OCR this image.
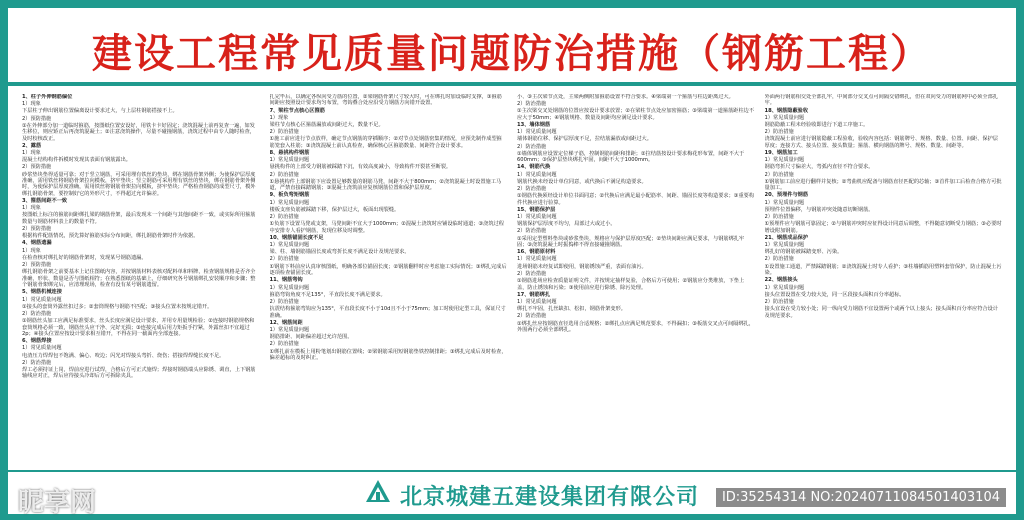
建设工程常见质量问题防治措施（钢筋工程）

1、柱子外伸钢筋偏位

1）现象

下层柱子伸出钢筋位置偏离设计要求过大，与上层柱钢筋搭接不上。

2）预防措施

①在外伸部分加一道临时箍筋，按图纸位置安设好，用铁卡卡好固定；浇筑混凝土前再复查一遍，如发生移位，则应矫正后再浇筑混凝土；②注意浇筑操作，尽量不碰撞钢筋，浇筑过程中由专人随时检查，及时校核改正。

2、露筋

1）现象

混凝土结构构件拆模时发现其表面有钢筋露出。

2）预防措施

砂浆垫块垫得适量可靠；对于竖立钢筋，可采用埋有铁丝的垫块，绑在钢筋骨架外侧；为使保护层厚度准确，需用铁丝将钢筋骨架拉向模板，挤牢垫块；竖立钢筋可采用埋有铁丝的垫块，绑在钢筋骨架外侧时，为使保护层厚度准确，需用铁丝将钢筋骨架拉向模板，挤牢垫块；严格检查钢筋的成型尺寸，模外绑扎钢筋骨架，要控制好它的外形尺寸，不得超过允许偏差。

3、箍筋间距不一致

1）现象

按图纸上标注的箍筋间距绑扎梁的钢筋骨架，最后发现末一个间距与其他间距不一致，或实际所用箍筋数量与钢筋材料表上的数量不符。

2）预防措施

根据构件配筋情况，预先算好箍筋实际分布间距，绑扎钢筋骨架时作为依据。

4、钢筋遗漏

1）现象

在检查核对绑扎好的钢筋骨架时，发现某号钢筋遗漏。

2）预防措施

绑扎钢筋骨架之前要基本上记住图纸内容，并按钢筋材料表核对配料单和料牌，检查钢筋规格是否齐全准确，形状、数量是否与图纸相符；在熟悉图纸的基础上，仔细研究各号钢筋绑扎安装顺序和步骤；整个钢筋骨架绑完后，应清理现场，检查有没有某号钢筋遗留。

5、钢筋机械连接

1）常见质量问题

①接头的套筒外露丝扣过多；②套筒规格与钢筋不匹配；③接头位置未按规定错开。

2）防治措施

①钢筋丝头加工应满足标准要求，丝头长度应满足设计要求，并用专用量规检验；②连接时钢筋规格和套筒规格必须一致，钢筋丝头应干净、完好无损；③连接完成后用力矩扳手拧紧，外露丝扣不宜超过2p；④接头位置应按设计要求相互错开，不得在同一截面内全部连接。

6、钢筋焊接

1）常见质量问题

电渣压力焊焊包不饱满、偏心、咬边；闪光对焊接头弯折、烧伤；搭接焊焊缝长度不足。

2）防治措施

焊工必须持证上岗，焊前应进行试焊，合格后方可正式施焊；焊接时钢筋端头应除锈、调直，上下钢筋轴线应对正，焊后应待接头冷却后方可拆除夹具。

扎完毕后，以确定各纵向受力筋的位置，②梁钢筋骨架尺寸较大时，可在绑扎时加设临时支撑，③箍筋间距应按照设计要求均匀布置，弯钩叠合处应沿受力钢筋方向错开设置。

7、梁柱节点核心区箍筋

1）现象

梁柱节点核心区箍筋漏放或间距过大，数量不足。

2）防治措施

①施工前应进行节点放样，确定节点钢筋的穿插顺序；②对节点处钢筋密集的情况，应预先制作成型箍筋笼套入柱筋；③浇筑混凝土前认真检查，确保核心区箍筋数量、间距符合设计要求。

8、悬挑构件钢筋

1）常见质量问题

悬挑构件的上部受力钢筋被踩踏下沉，有效高度减小，导致构件开裂甚至断裂。

2）防治措施

①悬挑构件上部钢筋下应设置足够数量的钢筋马凳，间距不大于800mm；②浇筑混凝土时设置施工马道，严禁直接踩踏钢筋；③混凝土浇筑前应复核钢筋位置和保护层厚度。

9、板负弯矩钢筋

1）常见质量问题

楼板支座负筋被踩踏下移，保护层过大，板面出现裂缝。

2）防治措施

①负筋下设置马凳或支架，马凳间距不宜大于1000mm；②混凝土浇筑时应铺设临时通道；③浇筑过程中安排专人看护钢筋，发现位移及时调整。

10、钢筋锚固长度不足

1）常见质量问题

梁、柱、墙钢筋锚固长度或弯折长度不满足设计及规范要求。

2）防治措施

①钢筋下料前应认真审核图纸，明确各部位锚固长度；②钢筋翻样时应考虑施工实际情况；③绑扎完成后逐项检查锚固长度。

11、钢筋弯钩

1）常见质量问题

箍筋弯钩角度不足135°，平直段长度不满足要求。

2）防治措施

抗震结构箍筋弯钩应为135°，平直段长度不小于10d且不小于75mm；加工时使用定型工具，保证尺寸准确。

12、钢筋间距

1）常见质量问题

钢筋排距、间距偏差超过允许范围。

2）防治措施

①绑扎前在模板上用粉笔划出钢筋位置线；②梁钢筋采用短钢筋垫铁控制排距；③绑扎完成后及时检查，偏差超标的及时纠正。

小、③主次梁节点处，主梁两侧附加箍筋设置不符合要求。④梁端第一个箍筋与柱边距离过大。

2）防治措施

①主次梁交叉处钢筋的位置应按设计要求放置；②在梁柱节点处应加密箍筋；③梁端第一道箍筋距柱边不应大于50mm；④钢筋规格、数量及间距均应满足设计要求。

13、墙体钢筋

1）常见质量问题

墙体钢筋位移、保护层厚度不足，拉结筋漏放或间距过大。

2）防治措施

①墙体钢筋应设置定位梯子筋，控制钢筋间距和排距；②拉结筋按设计要求梅花形布置，间距不大于600mm；③保护层垫块绑扎牢固，间距不大于1000mm。

14、钢筋代换

1）常见质量问题

钢筋代换未经设计单位同意，或代换后不满足构造要求。

2）防治措施

①钢筋代换须经设计单位书面同意；②代换后应满足最小配筋率、间距、锚固长度等构造要求；③重要构件代换应进行验算。

15、钢筋保护层

1）常见质量问题

钢筋保护层厚度不均匀，局部过大或过小。

2）防治措施

①采用定型塑料垫块或砂浆垫块，规格应与保护层厚度匹配；②垫块间距应满足要求，与钢筋绑扎牢固；③浇筑混凝土时振捣棒不得直接碰撞钢筋。

16、钢筋原材料

1）常见质量问题

进场钢筋未经复试即使用，钢筋锈蚀严重，表面有油污。

2）防治措施

①钢筋进场应检查质量证明文件，并按规定抽样复验，合格后方可使用；②钢筋应分类堆放，下垫上盖，防止锈蚀和污染；③使用前应进行除锈、除污处理。

17、钢筋绑扎

1）常见质量问题

绑扎不牢固，扎丝缺扣、松扣，钢筋骨架变形。

2）防治措施

①绑扎丝应按钢筋直径选用合适规格；②绑扎点应满足规范要求，不得漏扣；③板筋交叉点可间隔绑扎，外围两行必须全部绑扎。

外面两行钢筋相交处全部扎牢，中间部分交叉点可间隔交错绑扎，但在双向受力的钢筋网中必须全部扎牢。

18、钢筋隐蔽验收

1）常见质量问题

钢筋隐蔽工程未经验收即进行下道工序施工。

2）防治措施

浇筑混凝土前应进行钢筋隐蔽工程验收，验收内容包括：钢筋牌号、规格、数量、位置、间距、保护层厚度；连接方式、接头位置、接头数量；箍筋、横向钢筋的牌号、规格、数量、间距等。

19、钢筋加工

1）常见质量问题

钢筋弯折尺寸偏差大，弯弧内直径不符合要求。

2）防治措施

①钢筋加工前应进行翻样并复核；②弯曲机应配备与钢筋直径匹配的芯轴；③首件加工后检查合格方可批量加工。

20、预埋件与钢筋

1）常见质量问题

预埋件位置偏移，与钢筋冲突处随意切断钢筋。

2）防治措施

①预埋件应与钢筋可靠固定；②与钢筋冲突时应征得设计同意后调整，不得随意切断受力钢筋；③必要时增设附加钢筋。

21、钢筋成品保护

1）常见质量问题

绑扎好的钢筋被踩踏变形、污染。

2）防治措施

①设置施工通道，严禁踩踏钢筋；②浇筑混凝土时专人看护；③柱墙插筋用塑料套管保护，防止混凝土污染。

22、钢筋接头

1）常见质量问题

接头位置设置在受力较大处，同一区段接头面积百分率超标。

2）防治措施

接头宜设在受力较小处；同一纵向受力钢筋不宜设置两个或两个以上接头；接头面积百分率应符合设计及规范要求。

北京城建五建设集团有限公司
昵享网	ID:35254314 NO:20240711084501403104
